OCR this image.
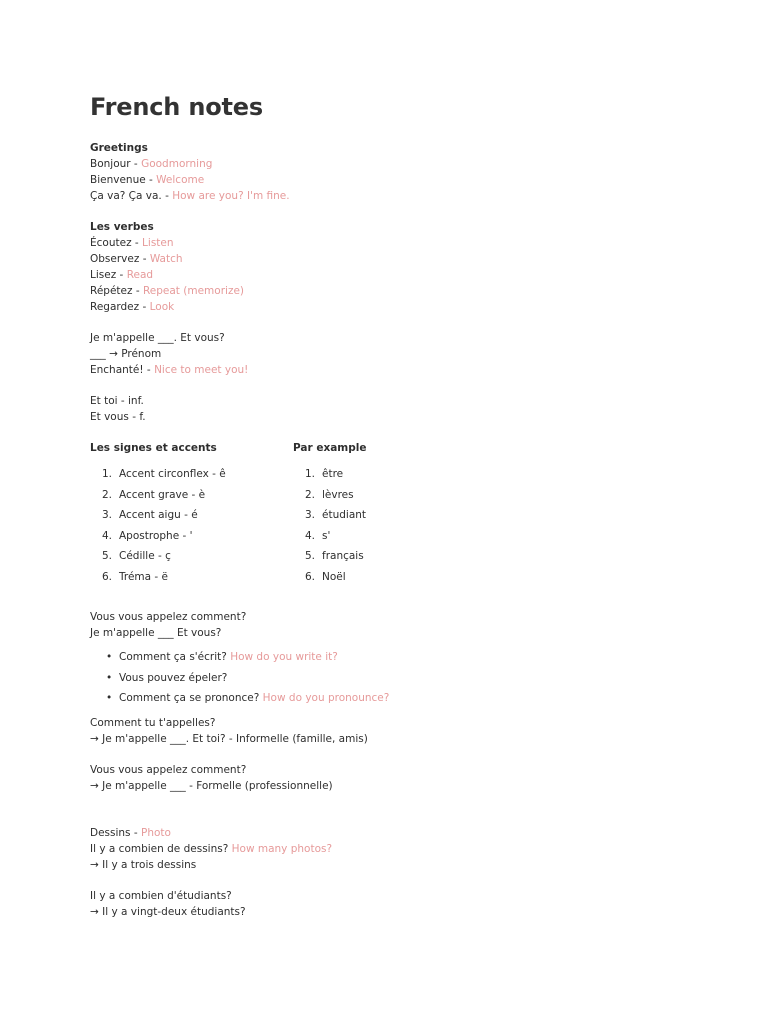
French notes
Greetings
Bonjour - Goodmorning
Bienvenue - Welcome
Ça va? Ça va. - How are you? I'm fine.
Les verbes
Écoutez - Listen
Observez - Watch
Lisez - Read
Répétez - Repeat (memorize)
Regardez - Look
Je m'appelle ___. Et vous?
___ → Prénom
Enchanté! - Nice to meet you!
Et toi - inf.
Et vous - f.
Les signes et accents
1. Accent circonflex - ê
2. Accent grave - è
3. Accent aigu - é
4. Apostrophe - '
5. Cédille - ç
6. Tréma - ë
Par example
1. être
2. lèvres
3. étudiant
4. s'
5. français
6. Noël
Vous vous appelez comment?
Je m'appelle ___ Et vous?
• Comment ça s'écrit? How do you write it?
• Vous pouvez épeler?
• Comment ça se prononce? How do you pronounce?
Comment tu t'appelles?
→ Je m'appelle ___. Et toi? - Informelle (famille, amis)
Vous vous appelez comment?
→ Je m'appelle ___ - Formelle (professionnelle)
Dessins - Photo
Il y a combien de dessins? How many photos?
→ Il y a trois dessins
Il y a combien d'étudiants?
→ Il y a vingt-deux étudiants?
